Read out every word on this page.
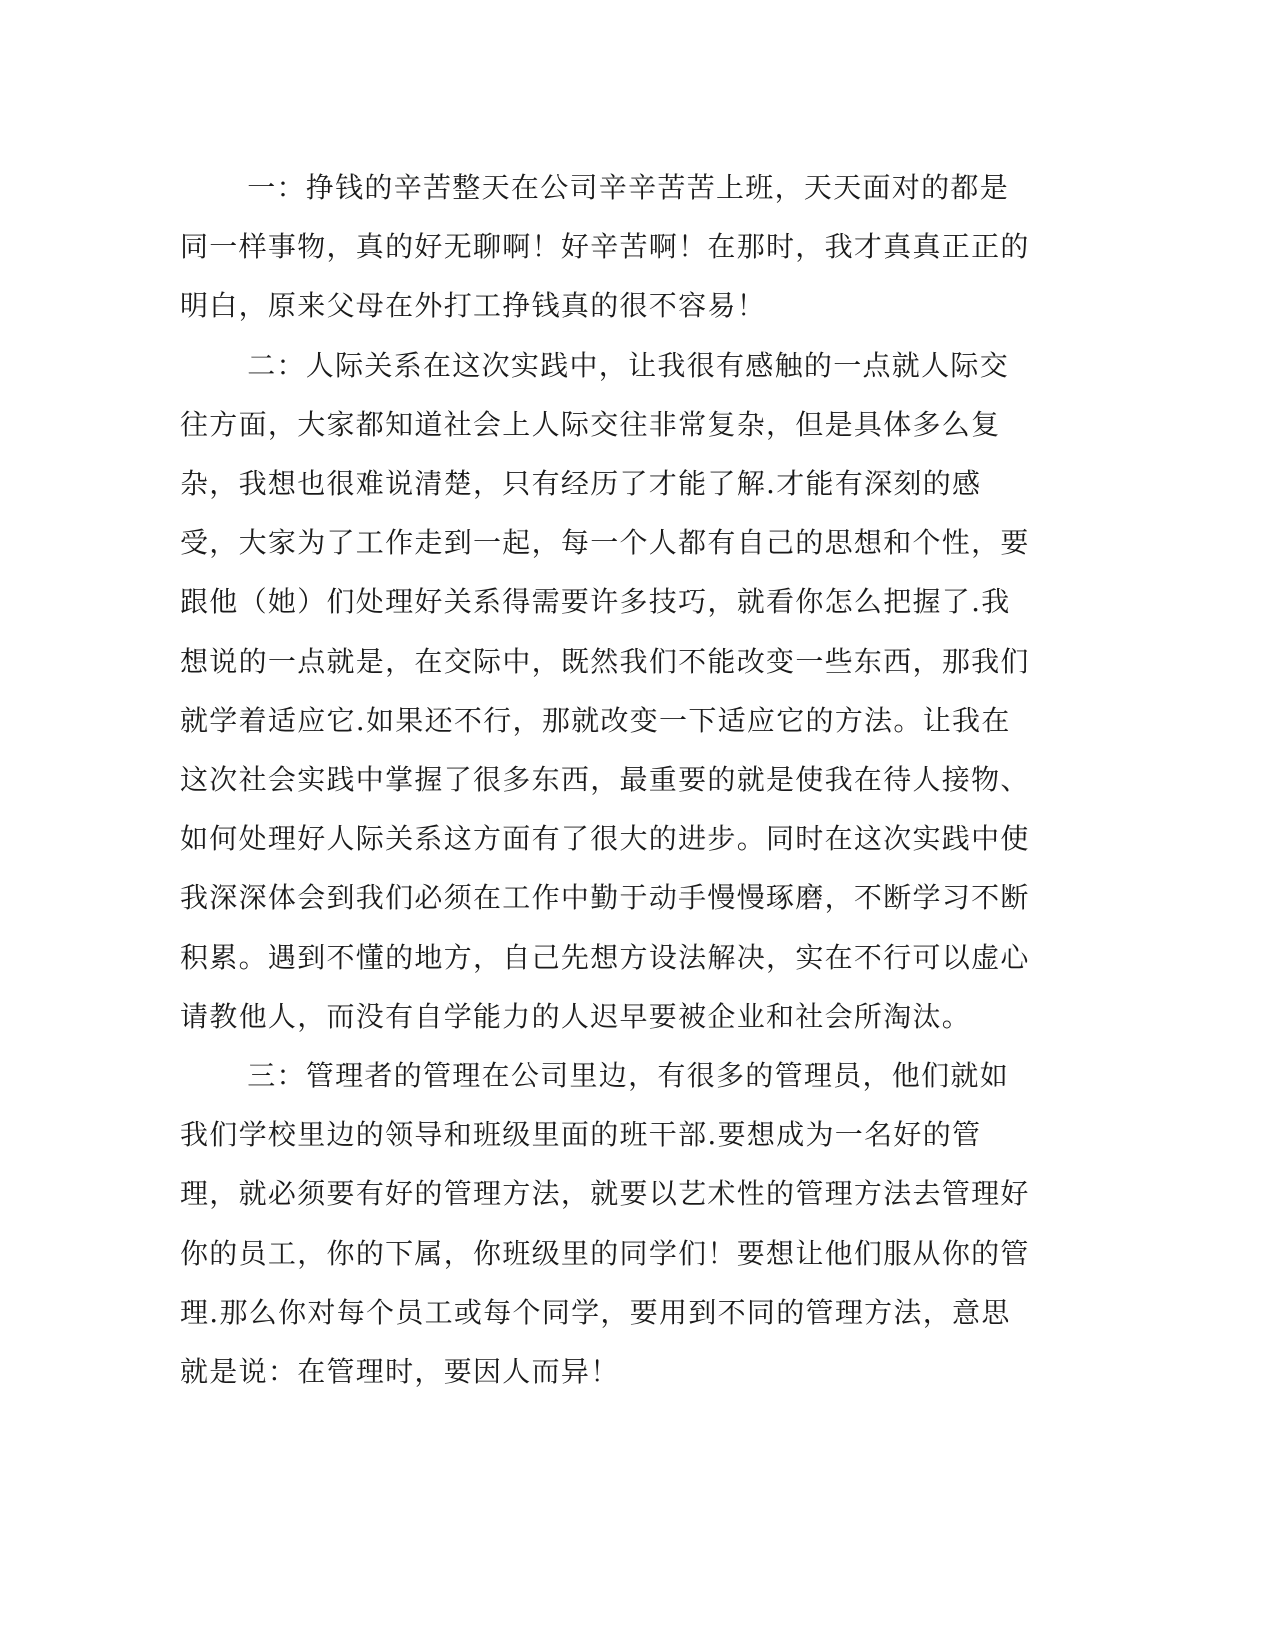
一：挣钱的辛苦整天在公司辛辛苦苦上班，天天面对的都是同一样事物，真的好无聊啊！好辛苦啊！在那时，我才真真正正的明白，原来父母在外打工挣钱真的很不容易！

二：人际关系在这次实践中，让我很有感触的一点就人际交往方面，大家都知道社会上人际交往非常复杂，但是具体多么复杂，我想也很难说清楚，只有经历了才能了解.才能有深刻的感受，大家为了工作走到一起，每一个人都有自己的思想和个性，要跟他（她）们处理好关系得需要许多技巧，就看你怎么把握了.我想说的一点就是，在交际中，既然我们不能改变一些东西，那我们就学着适应它.如果还不行，那就改变一下适应它的方法。让我在这次社会实践中掌握了很多东西，最重要的就是使我在待人接物、如何处理好人际关系这方面有了很大的进步。同时在这次实践中使我深深体会到我们必须在工作中勤于动手慢慢琢磨，不断学习不断积累。遇到不懂的地方，自己先想方设法解决，实在不行可以虚心请教他人，而没有自学能力的人迟早要被企业和社会所淘汰。

三：管理者的管理在公司里边，有很多的管理员，他们就如我们学校里边的领导和班级里面的班干部.要想成为一名好的管理，就必须要有好的管理方法，就要以艺术性的管理方法去管理好你的员工，你的下属，你班级里的同学们！要想让他们服从你的管理.那么你对每个员工或每个同学，要用到不同的管理方法，意思就是说：在管理时，要因人而异！
